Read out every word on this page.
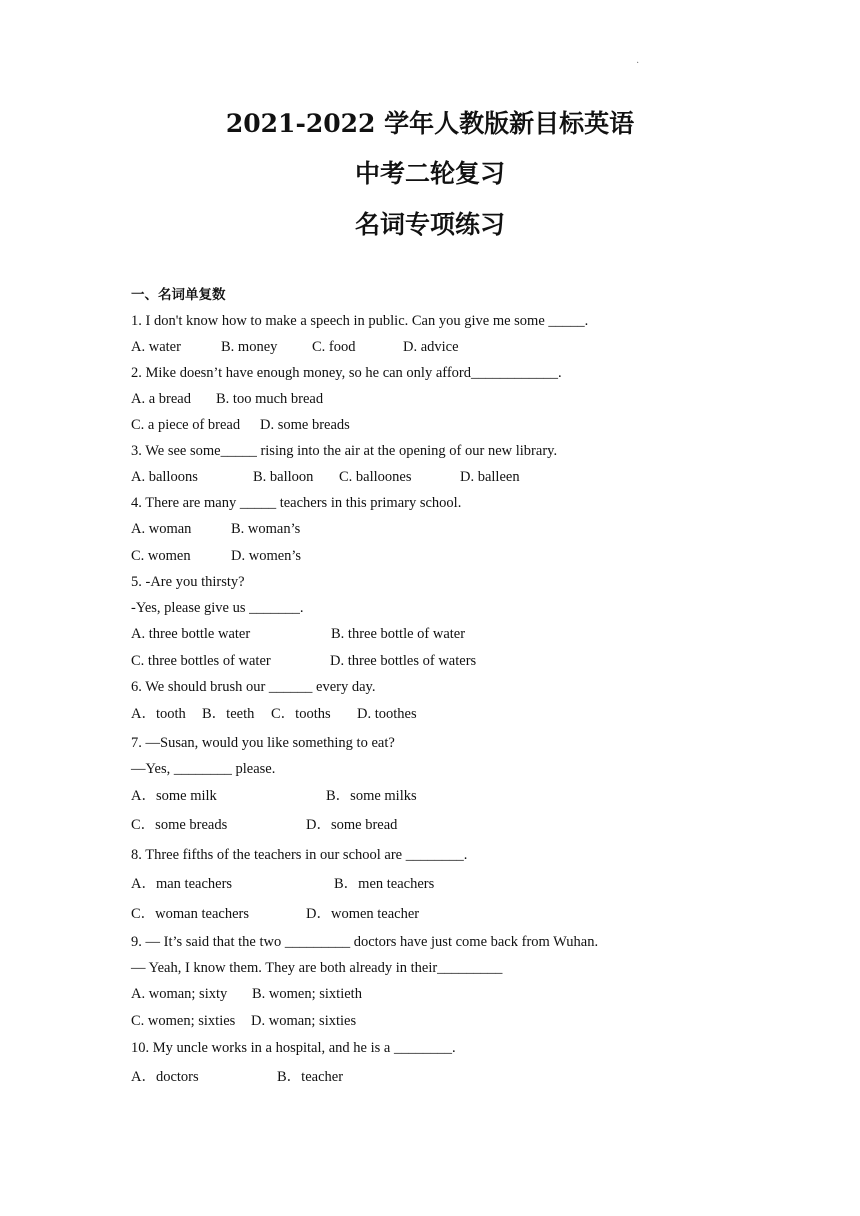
·
2021-2022 学年人教版新目标英语
中考二轮复习
名词专项练习
一、名词单复数
1. I don't know how to make a speech in public. Can you give me some _____.
A. water	B. money C. food	D. advice
2. Mike doesn’t have enough money, so he can only afford____________.
A. a bread B. too much bread
C. a piece of bread D. some breads
3. We see some_____ rising into the air at the opening of our new library.
A. balloons	B. balloon C. balloones	D. balleen
4. There are many _____ teachers in this primary school.
A. woman	B. woman’s
C. women	D. women’s
5. -Are you thirsty?
-Yes, please give us _______.
A. three bottle water	B. three bottle of water
C. three bottles of water	D. three bottles of waters
6. We should brush our ______ every day.
A．tooth B．teeth C．tooths D. toothes
7. —Susan, would you like something to eat?
—Yes, ________ please.
A．some milk	B．some milks
C．some breads	D．some bread
8. Three fifths of the teachers in our school are ________.
A．man teachers	B．men teachers
C．woman teachers	D．women teacher
9. — It’s said that the two _________ doctors have just come back from Wuhan.
— Yeah, I know them. They are both already in their_________
A. woman; sixty B. women; sixtieth
C. women; sixties D. woman; sixties
10. My uncle works in a hospital, and he is a ________.
A．doctors	B．teacher
